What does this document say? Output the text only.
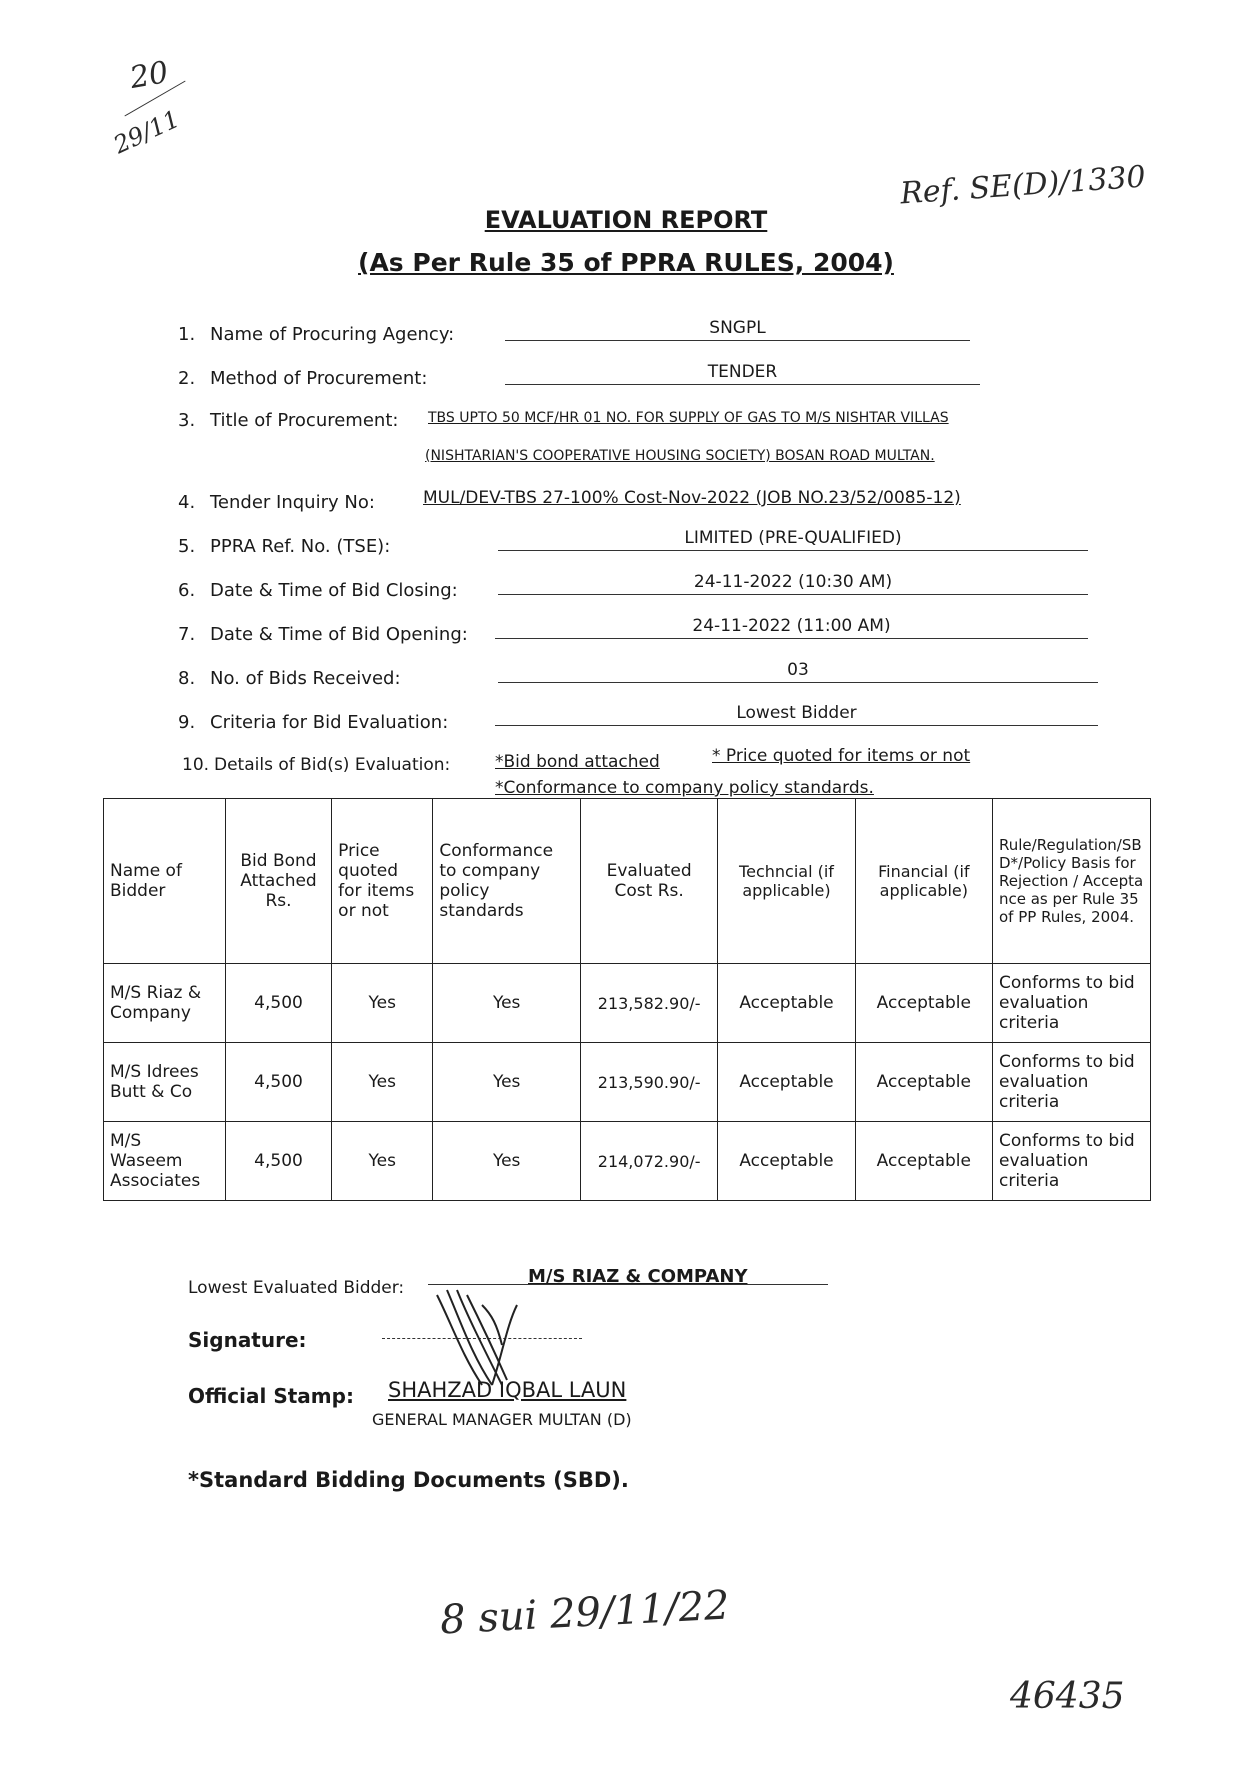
20
29/11
Ref. SE(D)/1330
EVALUATION REPORT
(As Per Rule 35 of PPRA RULES, 2004)
1. Name of Procuring Agency:	SNGPL
2. Method of Procurement:	TENDER
3. Title of Procurement: TBS UPTO 50 MCF/HR 01 NO. FOR SUPPLY OF GAS TO M/S NISHTAR VILLAS
(NISHTARIAN'S COOPERATIVE HOUSING SOCIETY) BOSAN ROAD MULTAN.
4. Tender Inquiry No:	MUL/DEV-TBS 27-100% Cost-Nov-2022 (JOB NO.23/52/0085-12)
5. PPRA Ref. No. (TSE):	LIMITED (PRE-QUALIFIED)
6. Date & Time of Bid Closing:	24-11-2022 (10:30 AM)
7. Date & Time of Bid Opening:	24-11-2022 (11:00 AM)
8. No. of Bids Received:	03
9. Criteria for Bid Evaluation:	Lowest Bidder
10. Details of Bid(s) Evaluation:	*Bid bond attached	* Price quoted for items or not
*Conformance to company policy standards.
Name of Bidder	Bid Bond Attached Rs.	Price quoted for items or not	Conformance to company policy standards	Evaluated Cost Rs.	Techncial (if applicable)	Financial (if applicable)	Rule/Regulation/SBD*/Policy Basis for Rejection / Acceptance as per Rule 35 of PP Rules, 2004.
M/S Riaz & Company	4,500	Yes	Yes	213,582.90/-	Acceptable	Acceptable	Conforms to bid evaluation criteria
M/S Idrees Butt & Co	4,500	Yes	Yes	213,590.90/-	Acceptable	Acceptable	Conforms to bid evaluation criteria
M/S Waseem Associates	4,500	Yes	Yes	214,072.90/-	Acceptable	Acceptable	Conforms to bid evaluation criteria
Lowest Evaluated Bidder:
M/S RIAZ & COMPANY
Signature:
Official Stamp: SHAHZAD IQBAL LAUN
GENERAL MANAGER MULTAN (D)
*Standard Bidding Documents (SBD).
8 sui 29/11/22
46435
